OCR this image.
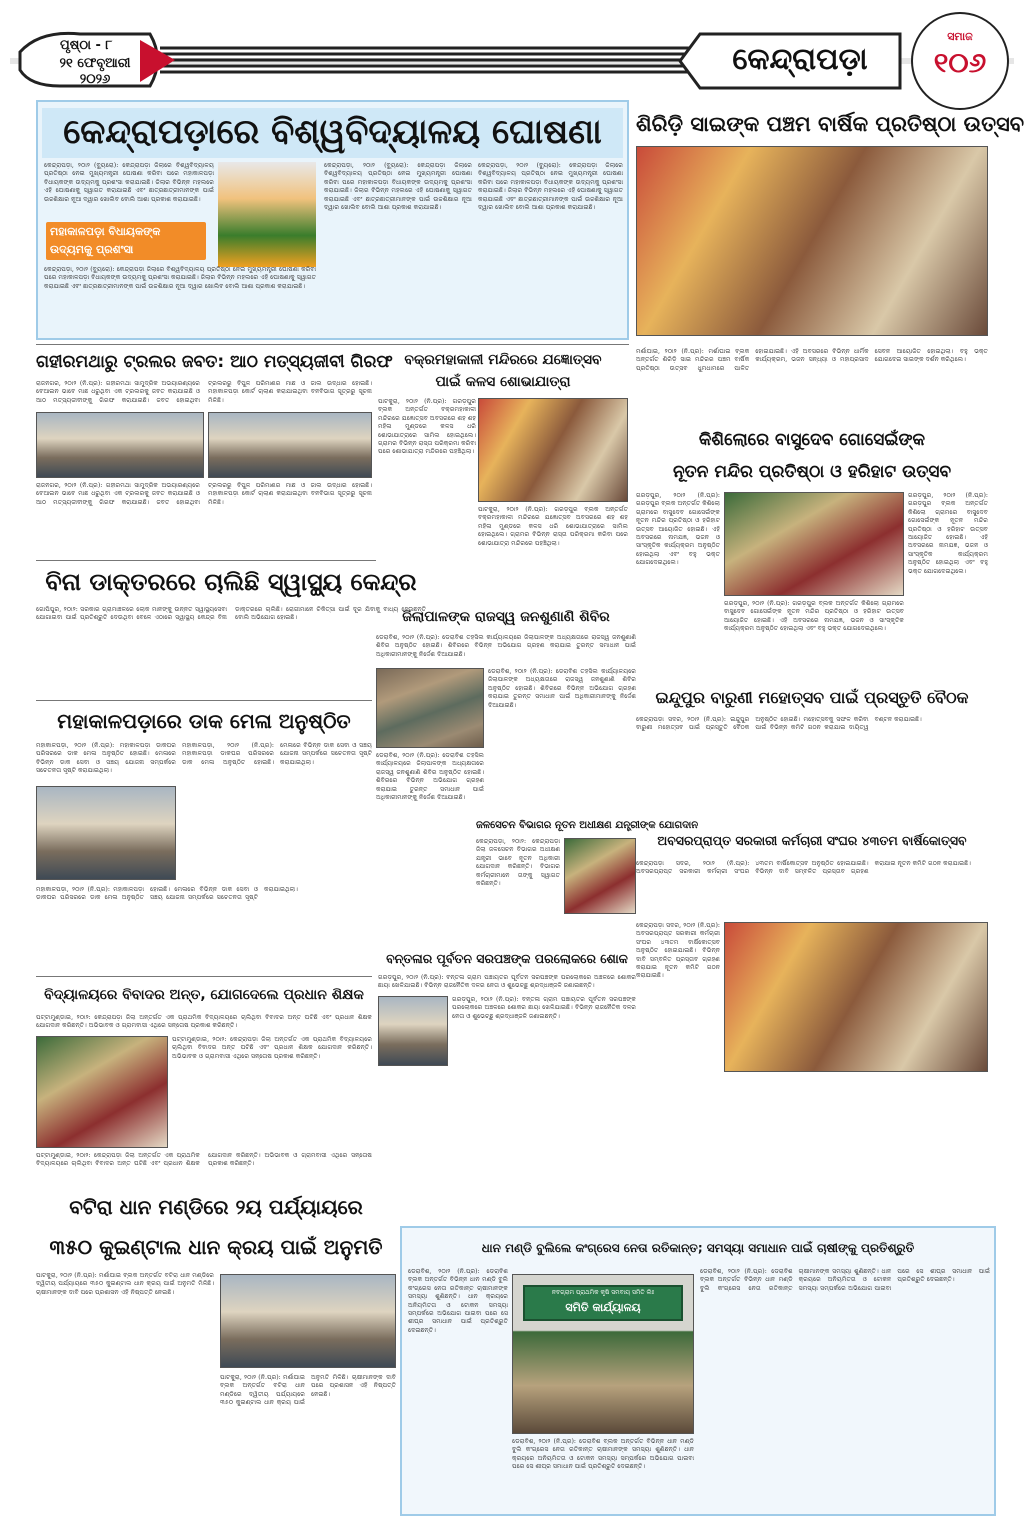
ପୃଷ୍ଠା - ୮
୨୧ ଫେବୃଆରୀ
୨୦୨୬
କେନ୍ଦ୍ରାପଡ଼ା
ସମାଜ
୧୦୬
କେନ୍ଦ୍ରାପଡ଼ାରେ ବିଶ୍ୱବିଦ୍ୟାଳୟ ଘୋଷଣା
କେନ୍ଦ୍ରାପଡ଼ା, ୨୦ା୨ (ବ୍ୟୁରୋ): କେନ୍ଦ୍ରାପଡ଼ା ଜିଲାରେ ବିଶ୍ୱବିଦ୍ୟାଳୟ ପ୍ରତିଷ୍ଠା ନେଇ ମୁଖ୍ୟମନ୍ତ୍ରୀ ଘୋଷଣା କରିବା ପରେ ମହାକାଳପଡ଼ା ବିଧାୟକଙ୍କ ଉଦ୍ୟମକୁ ପ୍ରଶଂସା କରାଯାଇଛି। ଜିଲାର ବିଭିନ୍ନ ମହଲରେ ଏହି ଘୋଷଣାକୁ ସ୍ୱାଗତ କରାଯାଇଛି ଏବଂ ଛାତ୍ରଛାତ୍ରୀମାନଙ୍କ ପାଇଁ ଉଚ୍ଚଶିକ୍ଷାର ନୂଆ ଦ୍ୱାର ଖୋଲିବ ବୋଲି ଆଶା ପ୍ରକାଶ କରାଯାଇଛି।
ମହାକାଳପଡ଼ା ବିଧାୟକଙ୍କ ଉଦ୍ୟମକୁ ପ୍ରଶଂସା
କେନ୍ଦ୍ରାପଡ଼ା, ୨୦ା୨ (ବ୍ୟୁରୋ): କେନ୍ଦ୍ରାପଡ଼ା ଜିଲାରେ ବିଶ୍ୱବିଦ୍ୟାଳୟ ପ୍ରତିଷ୍ଠା ନେଇ ମୁଖ୍ୟମନ୍ତ୍ରୀ ଘୋଷଣା କରିବା ପରେ ମହାକାଳପଡ଼ା ବିଧାୟକଙ୍କ ଉଦ୍ୟମକୁ ପ୍ରଶଂସା କରାଯାଇଛି। ଜିଲାର ବିଭିନ୍ନ ମହଲରେ ଏହି ଘୋଷଣାକୁ ସ୍ୱାଗତ କରାଯାଇଛି ଏବଂ ଛାତ୍ରଛାତ୍ରୀମାନଙ୍କ ପାଇଁ ଉଚ୍ଚଶିକ୍ଷାର ନୂଆ ଦ୍ୱାର ଖୋଲିବ ବୋଲି ଆଶା ପ୍ରକାଶ କରାଯାଇଛି।
କେନ୍ଦ୍ରାପଡ଼ା, ୨୦ା୨ (ବ୍ୟୁରୋ): କେନ୍ଦ୍ରାପଡ଼ା ଜିଲାରେ ବିଶ୍ୱବିଦ୍ୟାଳୟ ପ୍ରତିଷ୍ଠା ନେଇ ମୁଖ୍ୟମନ୍ତ୍ରୀ ଘୋଷଣା କରିବା ପରେ ମହାକାଳପଡ଼ା ବିଧାୟକଙ୍କ ଉଦ୍ୟମକୁ ପ୍ରଶଂସା କରାଯାଇଛି। ଜିଲାର ବିଭିନ୍ନ ମହଲରେ ଏହି ଘୋଷଣାକୁ ସ୍ୱାଗତ କରାଯାଇଛି ଏବଂ ଛାତ୍ରଛାତ୍ରୀମାନଙ୍କ ପାଇଁ ଉଚ୍ଚଶିକ୍ଷାର ନୂଆ ଦ୍ୱାର ଖୋଲିବ ବୋଲି ଆଶା ପ୍ରକାଶ କରାଯାଇଛି।
କେନ୍ଦ୍ରାପଡ଼ା, ୨୦ା୨ (ବ୍ୟୁରୋ): କେନ୍ଦ୍ରାପଡ଼ା ଜିଲାରେ ବିଶ୍ୱବିଦ୍ୟାଳୟ ପ୍ରତିଷ୍ଠା ନେଇ ମୁଖ୍ୟମନ୍ତ୍ରୀ ଘୋଷଣା କରିବା ପରେ ମହାକାଳପଡ଼ା ବିଧାୟକଙ୍କ ଉଦ୍ୟମକୁ ପ୍ରଶଂସା କରାଯାଇଛି। ଜିଲାର ବିଭିନ୍ନ ମହଲରେ ଏହି ଘୋଷଣାକୁ ସ୍ୱାଗତ କରାଯାଇଛି ଏବଂ ଛାତ୍ରଛାତ୍ରୀମାନଙ୍କ ପାଇଁ ଉଚ୍ଚଶିକ୍ଷାର ନୂଆ ଦ୍ୱାର ଖୋଲିବ ବୋଲି ଆଶା ପ୍ରକାଶ କରାଯାଇଛି।
ଶିରିଡ଼ି ସାଇଙ୍କ ପଞ୍ଚମ ବାର୍ଷିକ ପ୍ରତିଷ୍ଠା ଉତ୍ସବ
ମର୍ଶାଘାଇ, ୨୦ା୨ (ନି.ପ୍ର): ମର୍ଶାଘାଇ ବ୍ଲକ ଅନ୍ତର୍ଗତ ଶିରିଡ଼ି ସାଇ ମନ୍ଦିରର ପଞ୍ଚମ ବାର୍ଷିକ ପ୍ରତିଷ୍ଠା ଉତ୍ସବ ଧୁମଧାମରେ ପାଳିତ ହୋଇଯାଇଛି। ଏହି ଅବସରରେ ବିଭିନ୍ନ ଧାର୍ମିକ କାର୍ଯ୍ୟକ୍ରମ, ଭଜନ ସନ୍ଧ୍ୟା ଓ ମହାପ୍ରସାଦ ସେବନ ଆୟୋଜିତ ହୋଇଥିଲା। ବହୁ ଭକ୍ତ ଯୋଗଦେଇ ସାଇଙ୍କ ଦର୍ଶନ କରିଥିଲେ।
ଗହୀରମଥାରୁ ଟ୍ରଲର ଜବତ: ଆଠ ମତ୍ସ୍ୟଜୀବୀ ଗିରଫ
ରାଜନଗର, ୨୦ା୨ (ନି.ପ୍ର): ଗହୀରମଥା ସାମୁଦ୍ରିକ ଅଭୟାରଣ୍ୟରେ ବେଆଇନ ଭାବେ ମାଛ ଧରୁଥିବା ଏକ ଟ୍ରଲରକୁ ଜବତ କରାଯାଇଛି ଓ ଆଠ ମତ୍ସ୍ୟଜୀବୀଙ୍କୁ ଗିରଫ କରାଯାଇଛି। ଜବତ ହୋଇଥିବା ଟ୍ରଲରରୁ ବିପୁଳ ପରିମାଣର ମାଛ ଓ ଜାଲ ଉଦ୍ଧାର ହୋଇଛି। ମହାକାଳପଡ଼ା କୋର୍ଟ ଚାଲାଣ କରାଯାଇଥିବା ବନବିଭାଗ ସୂତ୍ରରୁ ସୂଚନା ମିଳିଛି।
ରାଜନଗର, ୨୦ା୨ (ନି.ପ୍ର): ଗହୀରମଥା ସାମୁଦ୍ରିକ ଅଭୟାରଣ୍ୟରେ ବେଆଇନ ଭାବେ ମାଛ ଧରୁଥିବା ଏକ ଟ୍ରଲରକୁ ଜବତ କରାଯାଇଛି ଓ ଆଠ ମତ୍ସ୍ୟଜୀବୀଙ୍କୁ ଗିରଫ କରାଯାଇଛି। ଜବତ ହୋଇଥିବା ଟ୍ରଲରରୁ ବିପୁଳ ପରିମାଣର ମାଛ ଓ ଜାଲ ଉଦ୍ଧାର ହୋଇଛି। ମହାକାଳପଡ଼ା କୋର୍ଟ ଚାଲାଣ କରାଯାଇଥିବା ବନବିଭାଗ ସୂତ୍ରରୁ ସୂଚନା ମିଳିଛି।
ବକ୍ରମହାକାଳୀ ମନ୍ଦିରରେ ଯଜ୍ଞୋତ୍ସବ
ପାଇଁ କଳସ ଶୋଭାଯାତ୍ରା
ପାଟକୁରା, ୨୦ା୨ (ନି.ପ୍ର): ଗରଡ଼ପୁର ବ୍ଲକ ଅନ୍ତର୍ଗତ ବକ୍ରମହାକାଳୀ ମନ୍ଦିରରେ ଯଜ୍ଞୋତ୍ସବ ଅବସରରେ ଶହ ଶହ ମହିଳା ମୁଣ୍ଡରେ କଳସ ଧରି ଶୋଭାଯାତ୍ରାରେ ସାମିଲ ହୋଇଥିଲେ। ଗ୍ରାମର ବିଭିନ୍ନ ରାସ୍ତା ପରିକ୍ରମା କରିବା ପରେ ଶୋଭାଯାତ୍ରା ମନ୍ଦିରରେ ପହଞ୍ଚିଥିଲା।
ପାଟକୁରା, ୨୦ା୨ (ନି.ପ୍ର): ଗରଡ଼ପୁର ବ୍ଲକ ଅନ୍ତର୍ଗତ ବକ୍ରମହାକାଳୀ ମନ୍ଦିରରେ ଯଜ୍ଞୋତ୍ସବ ଅବସରରେ ଶହ ଶହ ମହିଳା ମୁଣ୍ଡରେ କଳସ ଧରି ଶୋଭାଯାତ୍ରାରେ ସାମିଲ ହୋଇଥିଲେ। ଗ୍ରାମର ବିଭିନ୍ନ ରାସ୍ତା ପରିକ୍ରମା କରିବା ପରେ ଶୋଭାଯାତ୍ରା ମନ୍ଦିରରେ ପହଞ୍ଚିଥିଲା।
କିଶିଲୋରେ ବାସୁଦେବ ଗୋସେଇଁଙ୍କ
ନୂତନ ମନ୍ଦିର ପ୍ରତିଷ୍ଠା ଓ ହରିହାଟ ଉତ୍ସବ
ଗରଡ଼ପୁର, ୨୦ା୨ (ନି.ପ୍ର): ଗରଡ଼ପୁର ବ୍ଲକ ଅନ୍ତର୍ଗତ କିଶିଲୋ ଗ୍ରାମରେ ବାସୁଦେବ ଗୋସେଇଁଙ୍କ ନୂତନ ମନ୍ଦିର ପ୍ରତିଷ୍ଠା ଓ ହରିହାଟ ଉତ୍ସବ ଆୟୋଜିତ ହୋଇଛି। ଏହି ଅବସରରେ ନାମଯଜ୍ଞ, ଭଜନ ଓ ସାଂସ୍କୃତିକ କାର୍ଯ୍ୟକ୍ରମ ଅନୁଷ୍ଠିତ ହୋଇଥିଲା ଏବଂ ବହୁ ଭକ୍ତ ଯୋଗଦେଇଥିଲେ।
ଗରଡ଼ପୁର, ୨୦ା୨ (ନି.ପ୍ର): ଗରଡ଼ପୁର ବ୍ଲକ ଅନ୍ତର୍ଗତ କିଶିଲୋ ଗ୍ରାମରେ ବାସୁଦେବ ଗୋସେଇଁଙ୍କ ନୂତନ ମନ୍ଦିର ପ୍ରତିଷ୍ଠା ଓ ହରିହାଟ ଉତ୍ସବ ଆୟୋଜିତ ହୋଇଛି। ଏହି ଅବସରରେ ନାମଯଜ୍ଞ, ଭଜନ ଓ ସାଂସ୍କୃତିକ କାର୍ଯ୍ୟକ୍ରମ ଅନୁଷ୍ଠିତ ହୋଇଥିଲା ଏବଂ ବହୁ ଭକ୍ତ ଯୋଗଦେଇଥିଲେ।
ଗରଡ଼ପୁର, ୨୦ା୨ (ନି.ପ୍ର): ଗରଡ଼ପୁର ବ୍ଲକ ଅନ୍ତର୍ଗତ କିଶିଲୋ ଗ୍ରାମରେ ବାସୁଦେବ ଗୋସେଇଁଙ୍କ ନୂତନ ମନ୍ଦିର ପ୍ରତିଷ୍ଠା ଓ ହରିହାଟ ଉତ୍ସବ ଆୟୋଜିତ ହୋଇଛି। ଏହି ଅବସରରେ ନାମଯଜ୍ଞ, ଭଜନ ଓ ସାଂସ୍କୃତିକ କାର୍ଯ୍ୟକ୍ରମ ଅନୁଷ୍ଠିତ ହୋଇଥିଲା ଏବଂ ବହୁ ଭକ୍ତ ଯୋଗଦେଇଥିଲେ।
ବିନା ଡାକ୍ତରରେ ଚାଲିଛି ସ୍ୱାସ୍ଥ୍ୟ କେନ୍ଦ୍ର
ଗୋପିପୁର, ୨୦ା୨: ସରକାର ଗ୍ରାମାଞ୍ଚଳରେ ଲୋକ ମାନଙ୍କୁ ଉନ୍ନତ ସ୍ୱାସ୍ଥ୍ୟସେବା ଯୋଗାଇବା ପାଇଁ ପ୍ରତିଶ୍ରୁତି ଦେଉଥିବା ବେଳେ ଏଠାରେ ସ୍ୱାସ୍ଥ୍ୟ କେନ୍ଦ୍ର ବିନା ଡାକ୍ତରରେ ଚାଲିଛି। ରୋଗୀମାନେ ଚିକିତ୍ସା ପାଇଁ ଦୂର ଯିବାକୁ ବାଧ୍ୟ ହେଉଛନ୍ତି ବୋଲି ଅଭିଯୋଗ ହୋଇଛି।	ଜିଲାପାଳଙ୍କ ରାଜସ୍ୱ ଜନଶୁଣାଣି ଶିବିର
ଡେରାବିଶ, ୨୦ା୨ (ନି.ପ୍ର): ଡେରାବିଶ ତହସିଲ କାର୍ଯ୍ୟାଳୟରେ ଜିଲାପାଳଙ୍କ ଅଧ୍ୟକ୍ଷତାରେ ରାଜସ୍ୱ ଜନଶୁଣାଣି ଶିବିର ଅନୁଷ୍ଠିତ ହୋଇଛି। ଶିବିରରେ ବିଭିନ୍ନ ଅଭିଯୋଗ ଗ୍ରହଣ କରାଯାଇ ତୁରନ୍ତ ସମାଧାନ ପାଇଁ ଅଧିକାରୀମାନଙ୍କୁ ନିର୍ଦ୍ଦେଶ ଦିଆଯାଇଛି।
ଡେରାବିଶ, ୨୦ା୨ (ନି.ପ୍ର): ଡେରାବିଶ ତହସିଲ କାର୍ଯ୍ୟାଳୟରେ ଜିଲାପାଳଙ୍କ ଅଧ୍ୟକ୍ଷତାରେ ରାଜସ୍ୱ ଜନଶୁଣାଣି ଶିବିର ଅନୁଷ୍ଠିତ ହୋଇଛି। ଶିବିରରେ ବିଭିନ୍ନ ଅଭିଯୋଗ ଗ୍ରହଣ କରାଯାଇ ତୁରନ୍ତ ସମାଧାନ ପାଇଁ ଅଧିକାରୀମାନଙ୍କୁ ନିର୍ଦ୍ଦେଶ ଦିଆଯାଇଛି।
ଡେରାବିଶ, ୨୦ା୨ (ନି.ପ୍ର): ଡେରାବିଶ ତହସିଲ କାର୍ଯ୍ୟାଳୟରେ ଜିଲାପାଳଙ୍କ ଅଧ୍ୟକ୍ଷତାରେ ରାଜସ୍ୱ ଜନଶୁଣାଣି ଶିବିର ଅନୁଷ୍ଠିତ ହୋଇଛି। ଶିବିରରେ ବିଭିନ୍ନ ଅଭିଯୋଗ ଗ୍ରହଣ କରାଯାଇ ତୁରନ୍ତ ସମାଧାନ ପାଇଁ ଅଧିକାରୀମାନଙ୍କୁ ନିର୍ଦ୍ଦେଶ ଦିଆଯାଇଛି।
ଇନ୍ଦୁପୁର ବାରୁଣୀ ମହୋତ୍ସବ ପାଇଁ ପ୍ରସ୍ତୁତି ବୈଠକ
କେନ୍ଦ୍ରାପଡ଼ା ସଦର, ୨୦ା୨ (ନି.ପ୍ର): ଇନ୍ଦୁପୁର ବାରୁଣୀ ମହୋତ୍ସବ ପାଇଁ ପ୍ରସ୍ତୁତି ବୈଠକ ଅନୁଷ୍ଠିତ ହୋଇଛି। ମହୋତ୍ସବକୁ ସଫଳ କରିବା ପାଇଁ ବିଭିନ୍ନ କମିଟି ଗଠନ କରାଯାଇ ଦାୟିତ୍ୱ ବଣ୍ଟନ କରାଯାଇଛି।
ମହାକାଳପଡ଼ାରେ ଡାକ ମେଳା ଅନୁଷ୍ଠିତ
ମହାକାଳପଡ଼ା, ୨୦ା୨ (ନି.ପ୍ର): ମହାକାଳପଡ଼ା ଡାକଘର ପରିସରରେ ଡାକ ମେଳା ଅନୁଷ୍ଠିତ ହୋଇଛି। ମେଳାରେ ବିଭିନ୍ନ ଡାକ ସେବା ଓ ସଞ୍ଚୟ ଯୋଜନା ସମ୍ପର୍କରେ ସଚେତନତା ସୃଷ୍ଟି କରାଯାଇଥିଲା।
ମହାକାଳପଡ଼ା, ୨୦ା୨ (ନି.ପ୍ର): ମହାକାଳପଡ଼ା ଡାକଘର ପରିସରରେ ଡାକ ମେଳା ଅନୁଷ୍ଠିତ ହୋଇଛି। ମେଳାରେ ବିଭିନ୍ନ ଡାକ ସେବା ଓ ସଞ୍ଚୟ ଯୋଜନା ସମ୍ପର୍କରେ ସଚେତନତା ସୃଷ୍ଟି କରାଯାଇଥିଲା।
ମହାକାଳପଡ଼ା, ୨୦ା୨ (ନି.ପ୍ର): ମହାକାଳପଡ଼ା ଡାକଘର ପରିସରରେ ଡାକ ମେଳା ଅନୁଷ୍ଠିତ ହୋଇଛି। ମେଳାରେ ବିଭିନ୍ନ ଡାକ ସେବା ଓ ସଞ୍ଚୟ ଯୋଜନା ସମ୍ପର୍କରେ ସଚେତନତା ସୃଷ୍ଟି କରାଯାଇଥିଲା।
ଜଳସେଚନ ବିଭାଗର ନୂତନ ଅଧୀକ୍ଷଣ ଯନ୍ତ୍ରୀଙ୍କ ଯୋଗଦାନ
କେନ୍ଦ୍ରାପଡ଼ା, ୨୦ା୨: କେନ୍ଦ୍ରାପଡ଼ା ଜିଲା ଜଳସେଚନ ବିଭାଗର ଅଧୀକ୍ଷଣ ଯନ୍ତ୍ରୀ ଭାବେ ନୂତନ ଅଧିକାରୀ ଯୋଗଦାନ କରିଛନ୍ତି। ବିଭାଗର କର୍ମଚାରୀମାନେ ତାଙ୍କୁ ସ୍ୱାଗତ କରିଛନ୍ତି।
ଅବସରପ୍ରାପ୍ତ ସରକାରୀ କର୍ମଚାରୀ ସଂଘର ୪୩ତମ ବାର୍ଷିକୋତ୍ସବ
କେନ୍ଦ୍ରାପଡ଼ା ସଦର, ୨୦ା୨ (ନି.ପ୍ର): ଅବସରପ୍ରାପ୍ତ ସରକାରୀ କର୍ମଚାରୀ ସଂଘର ୪୩ତମ ବାର୍ଷିକୋତ୍ସବ ଅନୁଷ୍ଠିତ ହୋଇଯାଇଛି। ବିଭିନ୍ନ ଦାବି ସମ୍ବଳିତ ପ୍ରସ୍ତାବ ଗ୍ରହଣ କରାଯାଇ ନୂତନ କମିଟି ଗଠନ କରାଯାଇଛି।
କେନ୍ଦ୍ରାପଡ଼ା ସଦର, ୨୦ା୨ (ନି.ପ୍ର): ଅବସରପ୍ରାପ୍ତ ସରକାରୀ କର୍ମଚାରୀ ସଂଘର ୪୩ତମ ବାର୍ଷିକୋତ୍ସବ ଅନୁଷ୍ଠିତ ହୋଇଯାଇଛି। ବିଭିନ୍ନ ଦାବି ସମ୍ବଳିତ ପ୍ରସ୍ତାବ ଗ୍ରହଣ କରାଯାଇ ନୂତନ କମିଟି ଗଠନ କରାଯାଇଛି।
ବନ୍ତଳାର ପୂର୍ବତନ ସରପଞ୍ଚଙ୍କ ପରଲୋକରେ ଶୋକ
ଗରଡ଼ପୁର, ୨୦ା୨ (ନି.ପ୍ର): ବନ୍ତଳା ଗ୍ରାମ ପଞ୍ଚାୟତର ପୂର୍ବତନ ସରପଞ୍ଚଙ୍କ ପରଲୋକରେ ଅଞ୍ଚଳରେ ଶୋକର ଛାୟା ଖେଳିଯାଇଛି। ବିଭିନ୍ନ ରାଜନୈତିକ ଦଳର ନେତା ଓ ଶୁଭେଚ୍ଛୁ ଶ୍ରଦ୍ଧାଞ୍ଜଳି ଜଣାଇଛନ୍ତି।
ଗରଡ଼ପୁର, ୨୦ା୨ (ନି.ପ୍ର): ବନ୍ତଳା ଗ୍ରାମ ପଞ୍ଚାୟତର ପୂର୍ବତନ ସରପଞ୍ଚଙ୍କ ପରଲୋକରେ ଅଞ୍ଚଳରେ ଶୋକର ଛାୟା ଖେଳିଯାଇଛି। ବିଭିନ୍ନ ରାଜନୈତିକ ଦଳର ନେତା ଓ ଶୁଭେଚ୍ଛୁ ଶ୍ରଦ୍ଧାଞ୍ଜଳି ଜଣାଇଛନ୍ତି।
ବିଦ୍ୟାଳୟରେ ବିବାଦର ଅନ୍ତ, ଯୋଗଦେଲେ ପ୍ରଧାନ ଶିକ୍ଷକ
ପଟ୍ଟାମୁଣ୍ଡାଇ, ୨୦ା୨: କେନ୍ଦ୍ରାପଡ଼ା ଜିଲା ଅନ୍ତର୍ଗତ ଏକ ପ୍ରାଥମିକ ବିଦ୍ୟାଳୟରେ ଚାଲିଥିବା ବିବାଦର ଅନ୍ତ ଘଟିଛି ଏବଂ ପ୍ରଧାନ ଶିକ୍ଷକ ଯୋଗଦାନ କରିଛନ୍ତି। ଅଭିଭାବକ ଓ ଗ୍ରାମବାସୀ ଏଥିରେ ସନ୍ତୋଷ ପ୍ରକାଶ କରିଛନ୍ତି।
ପଟ୍ଟାମୁଣ୍ଡାଇ, ୨୦ା୨: କେନ୍ଦ୍ରାପଡ଼ା ଜିଲା ଅନ୍ତର୍ଗତ ଏକ ପ୍ରାଥମିକ ବିଦ୍ୟାଳୟରେ ଚାଲିଥିବା ବିବାଦର ଅନ୍ତ ଘଟିଛି ଏବଂ ପ୍ରଧାନ ଶିକ୍ଷକ ଯୋଗଦାନ କରିଛନ୍ତି। ଅଭିଭାବକ ଓ ଗ୍ରାମବାସୀ ଏଥିରେ ସନ୍ତୋଷ ପ୍ରକାଶ କରିଛନ୍ତି।
ପଟ୍ଟାମୁଣ୍ଡାଇ, ୨୦ା୨: କେନ୍ଦ୍ରାପଡ଼ା ଜିଲା ଅନ୍ତର୍ଗତ ଏକ ପ୍ରାଥମିକ ବିଦ୍ୟାଳୟରେ ଚାଲିଥିବା ବିବାଦର ଅନ୍ତ ଘଟିଛି ଏବଂ ପ୍ରଧାନ ଶିକ୍ଷକ ଯୋଗଦାନ କରିଛନ୍ତି। ଅଭିଭାବକ ଓ ଗ୍ରାମବାସୀ ଏଥିରେ ସନ୍ତୋଷ ପ୍ରକାଶ କରିଛନ୍ତି।
ବଟିରା ଧାନ ମଣ୍ଡିରେ ୨ୟ ପର୍ଯ୍ୟାୟରେ
୩୫୦ କୁଇଣ୍ଟାଲ ଧାନ କ୍ରୟ ପାଇଁ ଅନୁମତି
ପାଟକୁରା, ୨୦ା୨ (ନି.ପ୍ର): ମର୍ଶାଘାଇ ବ୍ଲକ ଅନ୍ତର୍ଗତ ବଟିରା ଧାନ ମଣ୍ଡିରେ ଦ୍ୱିତୀୟ ପର୍ଯ୍ୟାୟରେ ୩୫୦ କୁଇଣ୍ଟାଲ ଧାନ କ୍ରୟ ପାଇଁ ଅନୁମତି ମିଳିଛି। ଚାଷୀମାନଙ୍କ ଦାବି ପରେ ପ୍ରଶାସନ ଏହି ନିଷ୍ପତ୍ତି ନେଇଛି।
ପାଟକୁରା, ୨୦ା୨ (ନି.ପ୍ର): ମର୍ଶାଘାଇ ବ୍ଲକ ଅନ୍ତର୍ଗତ ବଟିରା ଧାନ ମଣ୍ଡିରେ ଦ୍ୱିତୀୟ ପର୍ଯ୍ୟାୟରେ ୩୫୦ କୁଇଣ୍ଟାଲ ଧାନ କ୍ରୟ ପାଇଁ ଅନୁମତି ମିଳିଛି। ଚାଷୀମାନଙ୍କ ଦାବି ପରେ ପ୍ରଶାସନ ଏହି ନିଷ୍ପତ୍ତି ନେଇଛି।
ଧାନ ମଣ୍ଡି ବୁଲିଲେ କଂଗ୍ରେସ ନେତା ରତିକାନ୍ତ; ସମସ୍ୟା ସମାଧାନ ପାଇଁ ଚାଷୀଙ୍କୁ ପ୍ରତିଶ୍ରୁତି
ଡେରାବିଶ, ୨୦ା୨ (ନି.ପ୍ର): ଡେରାବିଶ ବ୍ଲକ ଅନ୍ତର୍ଗତ ବିଭିନ୍ନ ଧାନ ମଣ୍ଡି ବୁଲି କଂଗ୍ରେସ ନେତା ରତିକାନ୍ତ ଚାଷୀମାନଙ୍କ ସମସ୍ୟା ଶୁଣିଛନ୍ତି। ଧାନ କ୍ରୟରେ ଅନିୟମିତତା ଓ ଟୋକନ ସମସ୍ୟା ସମ୍ପର୍କରେ ଅଭିଯୋଗ ପାଇବା ପରେ ସେ ଶୀଘ୍ର ସମାଧାନ ପାଇଁ ପ୍ରତିଶ୍ରୁତି ଦେଇଛନ୍ତି।
ନବଗ୍ରାମ ପ୍ରାଥମିକ କୃଷି ସମବାୟ ସମିତି ଲିଃ
ସମିତି କାର୍ଯ୍ୟାଳୟ
ଡେରାବିଶ, ୨୦ା୨ (ନି.ପ୍ର): ଡେରାବିଶ ବ୍ଲକ ଅନ୍ତର୍ଗତ ବିଭିନ୍ନ ଧାନ ମଣ୍ଡି ବୁଲି କଂଗ୍ରେସ ନେତା ରତିକାନ୍ତ ଚାଷୀମାନଙ୍କ ସମସ୍ୟା ଶୁଣିଛନ୍ତି। ଧାନ କ୍ରୟରେ ଅନିୟମିତତା ଓ ଟୋକନ ସମସ୍ୟା ସମ୍ପର୍କରେ ଅଭିଯୋଗ ପାଇବା ପରେ ସେ ଶୀଘ୍ର ସମାଧାନ ପାଇଁ ପ୍ରତିଶ୍ରୁତି ଦେଇଛନ୍ତି।
ଡେରାବିଶ, ୨୦ା୨ (ନି.ପ୍ର): ଡେରାବିଶ ବ୍ଲକ ଅନ୍ତର୍ଗତ ବିଭିନ୍ନ ଧାନ ମଣ୍ଡି ବୁଲି କଂଗ୍ରେସ ନେତା ରତିକାନ୍ତ ଚାଷୀମାନଙ୍କ ସମସ୍ୟା ଶୁଣିଛନ୍ତି। ଧାନ କ୍ରୟରେ ଅନିୟମିତତା ଓ ଟୋକନ ସମସ୍ୟା ସମ୍ପର୍କରେ ଅଭିଯୋଗ ପାଇବା ପରେ ସେ ଶୀଘ୍ର ସମାଧାନ ପାଇଁ ପ୍ରତିଶ୍ରୁତି ଦେଇଛନ୍ତି।
